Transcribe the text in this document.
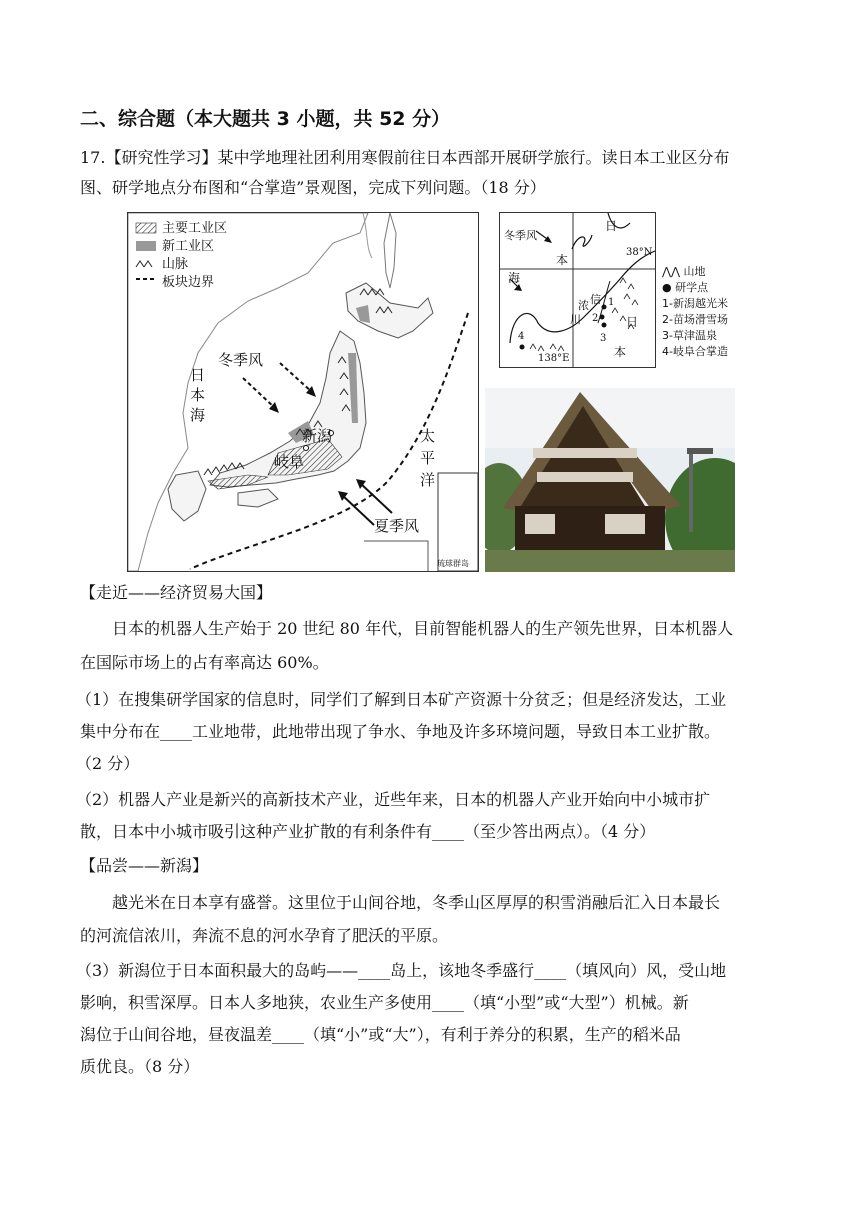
二、综合题（本大题共 3 小题，共 52 分）
17.【研究性学习】某中学地理社团利用寒假前往日本西部开展研学旅行。读日本工业区分布
图、研学地点分布图和“合掌造”景观图，完成下列问题。（18 分）
主要工业区
新工业区
山脉
板块边界
日
本
海
太
平
洋
冬季风
夏季风
新潟
岐阜
琉球群岛
冬季风
日
本
海
日
本
信
浓
川
38°N
138°E
1
2
3
4
⋀⋀ 山地
● 研学点
1-新潟越光米
2-苗场滑雪场
3-草津温泉
4-岐阜合掌造
【走近——经济贸易大国】
日本的机器人生产始于 20 世纪 80 年代，目前智能机器人的生产领先世界，日本机器人
在国际市场上的占有率高达 60%。
（1）在搜集研学国家的信息时，同学们了解到日本矿产资源十分贫乏；但是经济发达，工业
集中分布在____工业地带，此地带出现了争水、争地及许多环境问题，导致日本工业扩散。
（2 分）
（2）机器人产业是新兴的高新技术产业，近些年来，日本的机器人产业开始向中小城市扩
散，日本中小城市吸引这种产业扩散的有利条件有____（至少答出两点）。（4 分）
【品尝——新潟】
越光米在日本享有盛誉。这里位于山间谷地，冬季山区厚厚的积雪消融后汇入日本最长
的河流信浓川，奔流不息的河水孕育了肥沃的平原。
（3）新潟位于日本面积最大的岛屿——____岛上，该地冬季盛行____（填风向）风，受山地
影响，积雪深厚。日本人多地狭，农业生产多使用____（填“小型”或“大型”）机械。新
潟位于山间谷地，昼夜温差____（填“小”或“大”），有利于养分的积累，生产的稻米品
质优良。（8 分）
